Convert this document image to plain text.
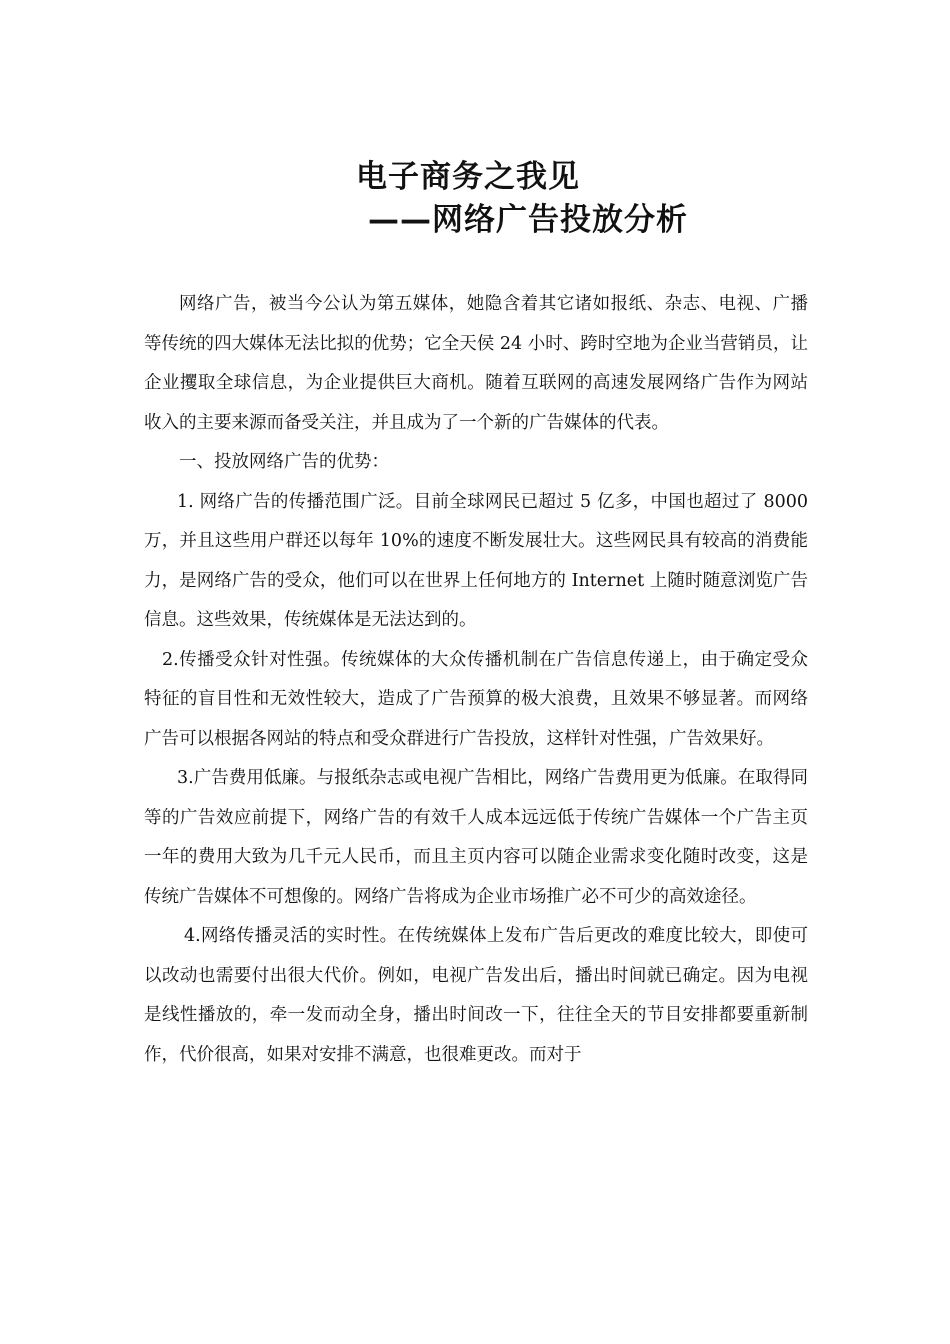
电子商务之我见
——网络广告投放分析

网络广告，被当今公认为第五媒体，她隐含着其它诸如报纸、杂志、电视、广播等传统的四大媒体无法比拟的优势；它全天侯 24 小时、跨时空地为企业当营销员，让企业攫取全球信息，为企业提供巨大商机。随着互联网的高速发展网络广告作为网站收入的主要来源而备受关注，并且成为了一个新的广告媒体的代表。

一、投放网络广告的优势：

1. 网络广告的传播范围广泛。目前全球网民已超过 5 亿多，中国也超过了 8000 万，并且这些用户群还以每年 10%的速度不断发展壮大。这些网民具有较高的消费能力，是网络广告的受众，他们可以在世界上任何地方的 Internet 上随时随意浏览广告信息。这些效果，传统媒体是无法达到的。

2.传播受众针对性强。传统媒体的大众传播机制在广告信息传递上，由于确定受众特征的盲目性和无效性较大，造成了广告预算的极大浪费，且效果不够显著。而网络广告可以根据各网站的特点和受众群进行广告投放，这样针对性强，广告效果好。

3.广告费用低廉。与报纸杂志或电视广告相比，网络广告费用更为低廉。在取得同等的广告效应前提下，网络广告的有效千人成本远远低于传统广告媒体一个广告主页一年的费用大致为几千元人民币，而且主页内容可以随企业需求变化随时改变，这是传统广告媒体不可想像的。网络广告将成为企业市场推广必不可少的高效途径。

4.网络传播灵活的实时性。在传统媒体上发布广告后更改的难度比较大，即使可以改动也需要付出很大代价。例如，电视广告发出后，播出时间就已确定。因为电视是线性播放的，牵一发而动全身，播出时间改一下，往往全天的节目安排都要重新制作，代价很高，如果对安排不满意，也很难更改。而对于
